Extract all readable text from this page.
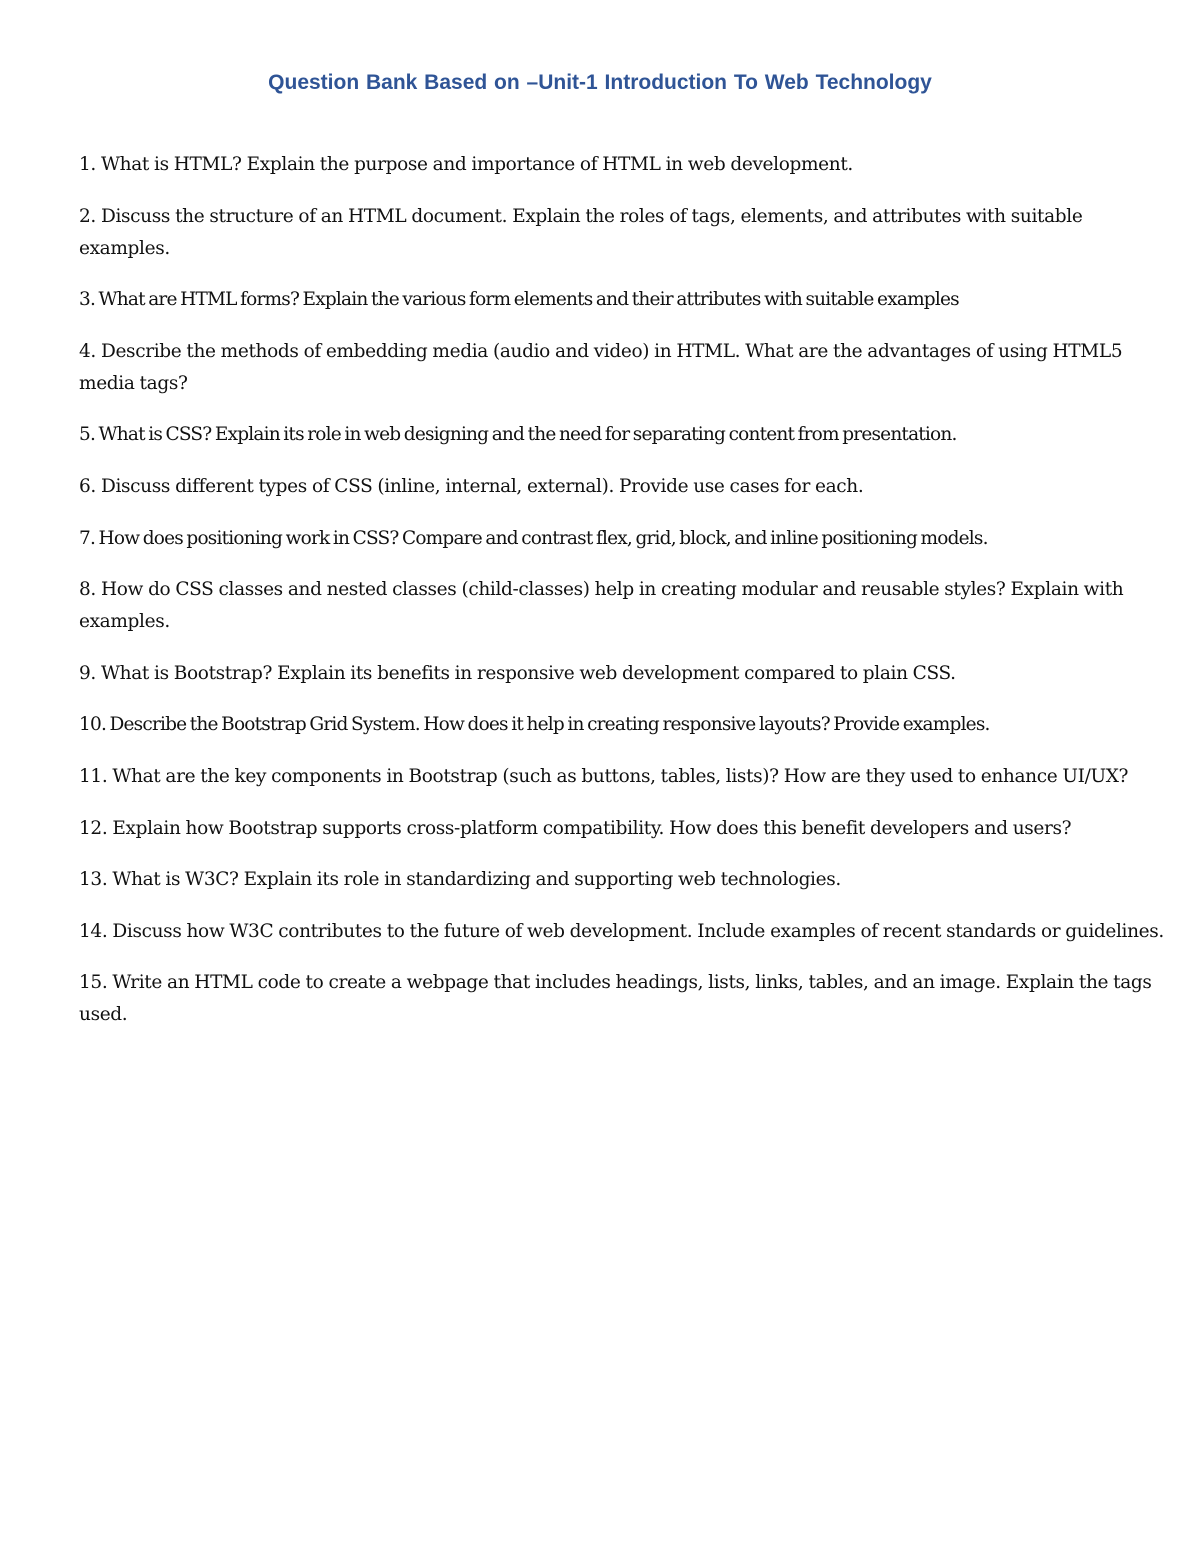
Question Bank Based on –Unit-1 Introduction To Web Technology
1. What is HTML? Explain the purpose and importance of HTML in web development.
2. Discuss the structure of an HTML document. Explain the roles of tags, elements, and attributes with suitable examples.
3. What are HTML forms? Explain the various form elements and their attributes with suitable examples
4. Describe the methods of embedding media (audio and video) in HTML. What are the advantages of using HTML5 media tags?
5. What is CSS? Explain its role in web designing and the need for separating content from presentation.
6. Discuss different types of CSS (inline, internal, external). Provide use cases for each.
7. How does positioning work in CSS? Compare and contrast flex, grid, block, and inline positioning models.
8. How do CSS classes and nested classes (child-classes) help in creating modular and reusable styles? Explain with examples.
9. What is Bootstrap? Explain its benefits in responsive web development compared to plain CSS.
10. Describe the Bootstrap Grid System. How does it help in creating responsive layouts? Provide examples.
11. What are the key components in Bootstrap (such as buttons, tables, lists)? How are they used to enhance UI/UX?
12. Explain how Bootstrap supports cross-platform compatibility. How does this benefit developers and users?
13. What is W3C? Explain its role in standardizing and supporting web technologies.
14. Discuss how W3C contributes to the future of web development. Include examples of recent standards or guidelines.
15. Write an HTML code to create a webpage that includes headings, lists, links, tables, and an image. Explain the tags used.
